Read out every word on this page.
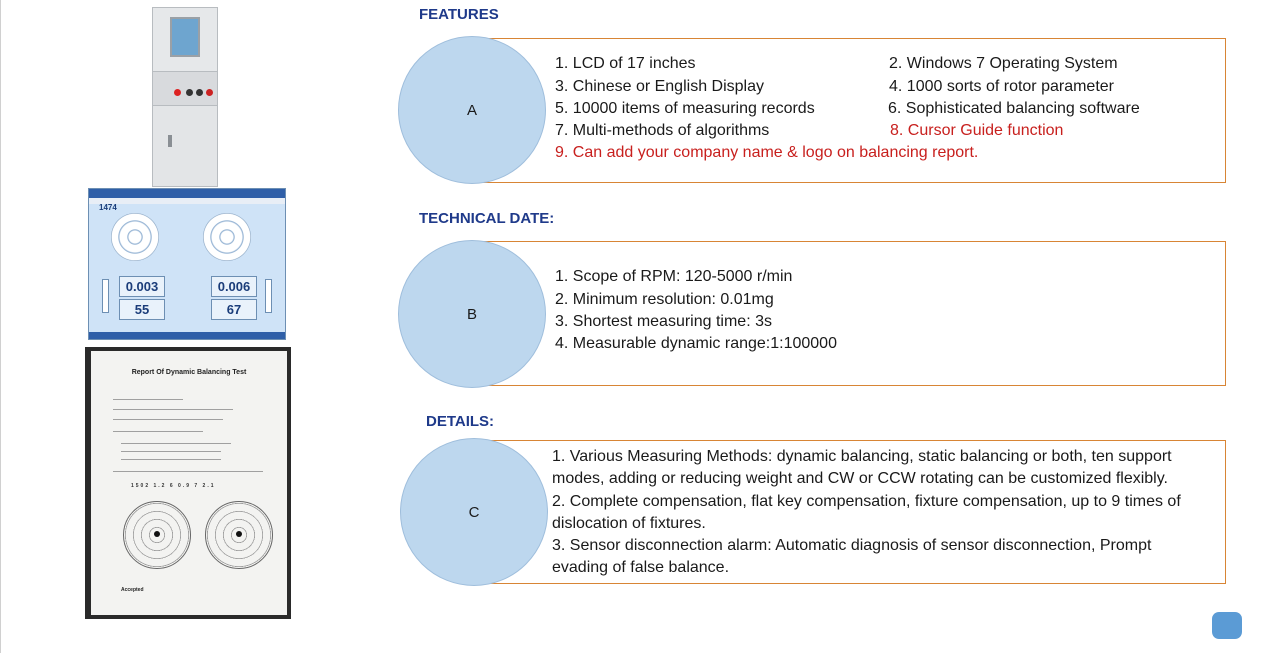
1474
0.003
55
0.006
67
Report Of Dynamic Balancing Test
1502 1.2 6 0.9 7 2.1
Accepted
FEATURES
A
1. LCD of 17 inches	2. Windows 7 Operating System
3. Chinese or English Display	4. 1000 sorts of rotor parameter
5. 10000 items of measuring records	6. Sophisticated balancing software
7. Multi-methods of algorithms	8. Cursor Guide function
9. Can add your company name & logo on balancing report.
TECHNICAL DATE:
B
1. Scope of RPM: 120-5000 r/min
2. Minimum resolution: 0.01mg
3. Shortest measuring time: 3s
4. Measurable dynamic range:1:100000
DETAILS:
C
1. Various Measuring Methods: dynamic balancing, static balancing or both, ten support
modes, adding or reducing weight and CW or CCW rotating can be customized flexibly.
2. Complete compensation, flat key compensation, fixture compensation, up to 9 times of
dislocation of fixtures.
3. Sensor disconnection alarm: Automatic diagnosis of sensor disconnection, Prompt
evading of false balance.
